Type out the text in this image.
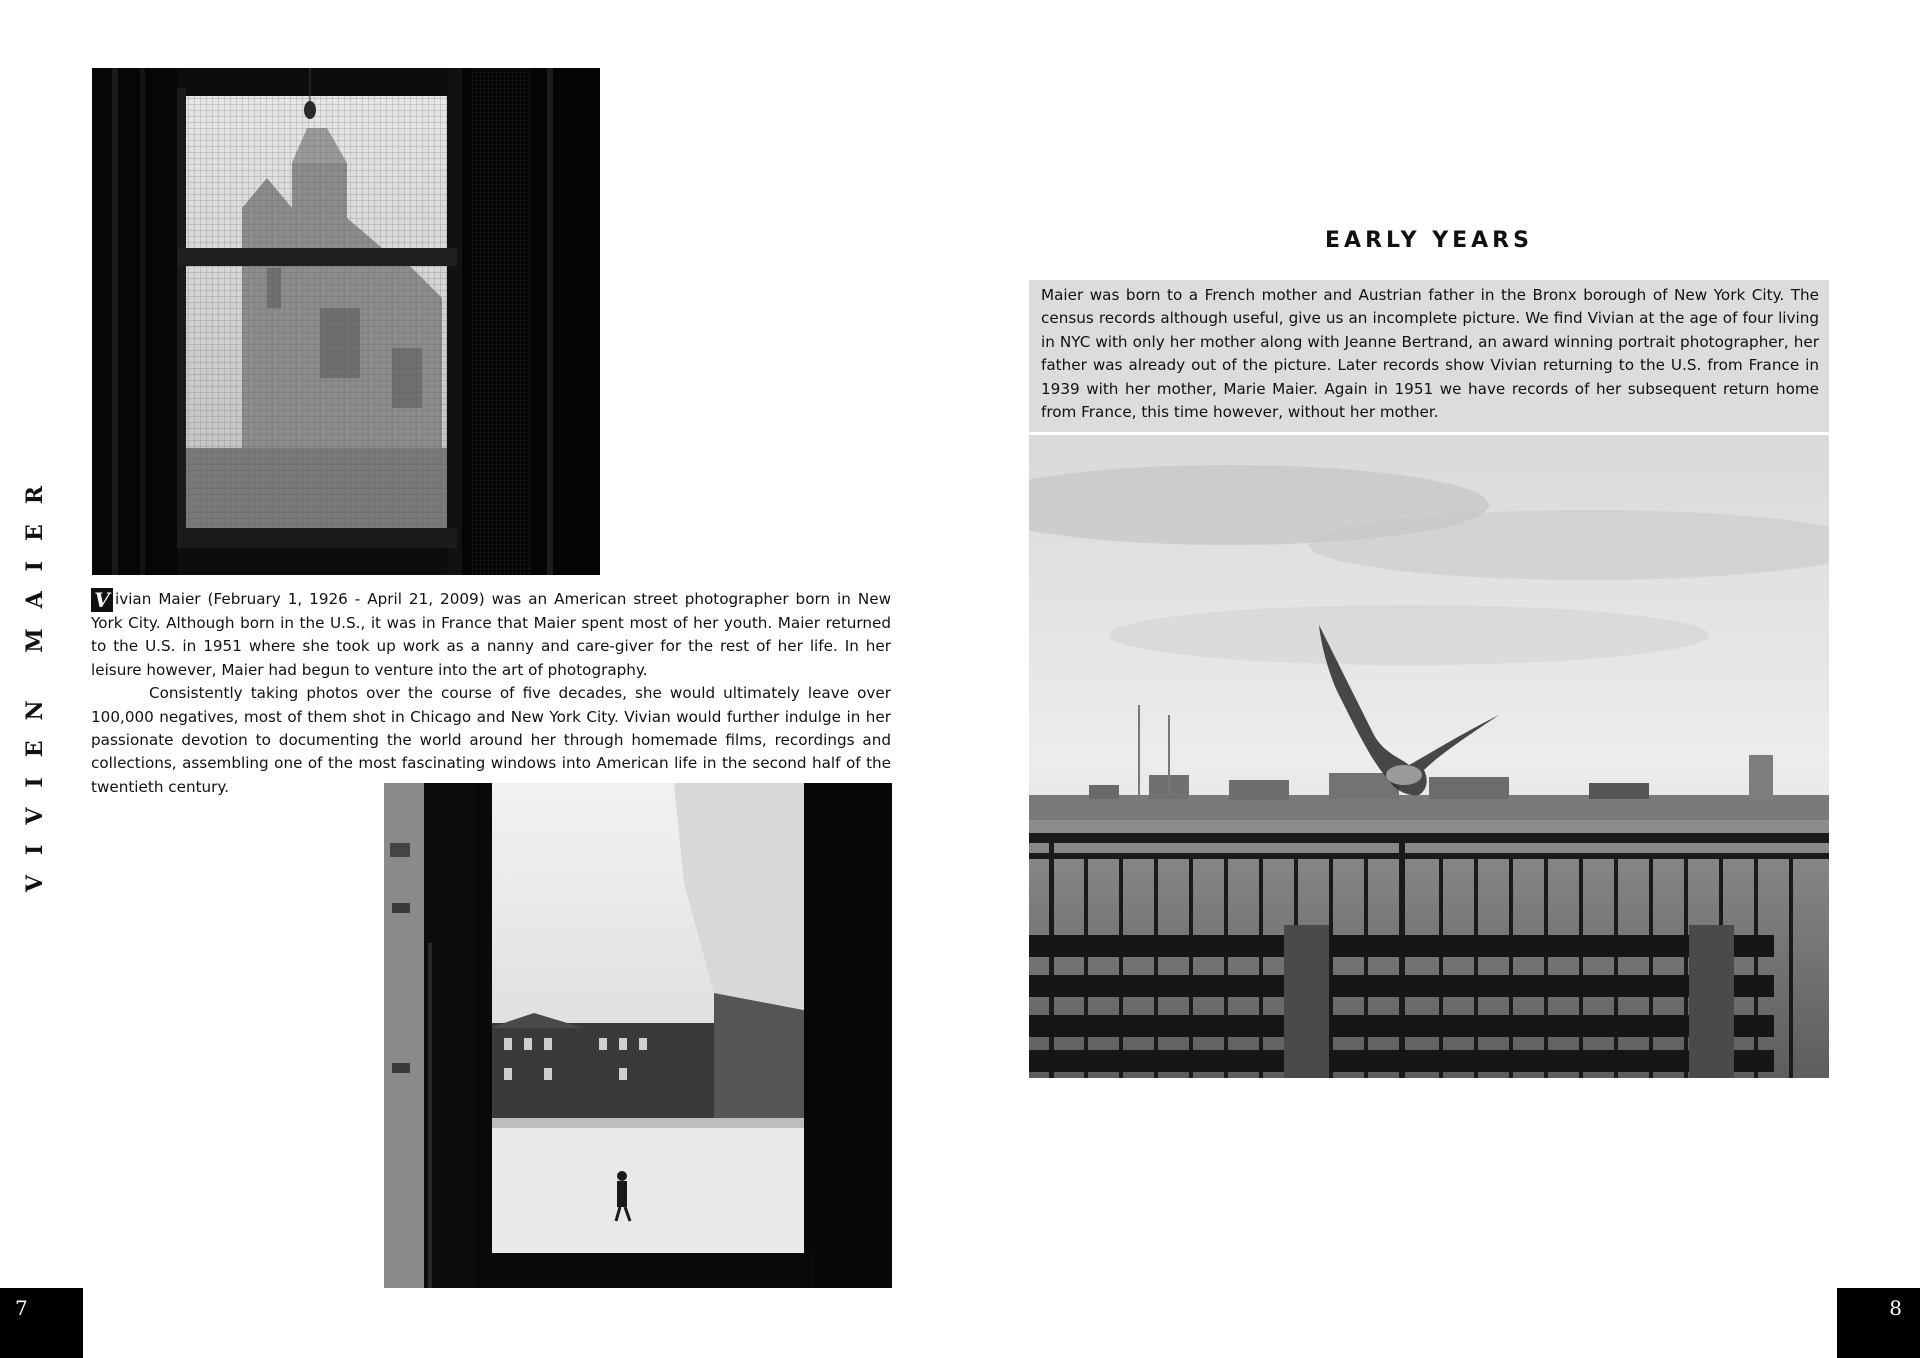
VIVIEN MAIER V ivian Maier (February 1, 1926 - April 21, 2009) was an American street photographer born in New York City. Although born in the U.S., it was in France that Maier spent most of her youth. Maier returned to the U.S. in 1951 where she took up work as a nanny and care-giver for the rest of her life. In her leisure however, Maier had begun to venture into the art of photography.

Consistently taking photos over the course of five decades, she would ultimately leave over 100,000 negatives, most of them shot in Chicago and New York City. Vivian would further indulge in her passionate devotion to documenting the world around her through homemade films, recordings and collections, assembling one of the most fascinating windows into American life in the second half of the twentieth century.

EARLY YEARS

Maier was born to a French mother and Austrian father in the Bronx borough of New York City. The census records although useful, give us an incomplete picture. We find Vivian at the age of four living in NYC with only her mother along with Jeanne Bertrand, an award winning portrait photographer, her father was already out of the picture. Later records show Vivian returning to the U.S. from France in 1939 with her mother, Marie Maier. Again in 1951 we have records of her subsequent return home from France, this time however, without her mother.

7	8
